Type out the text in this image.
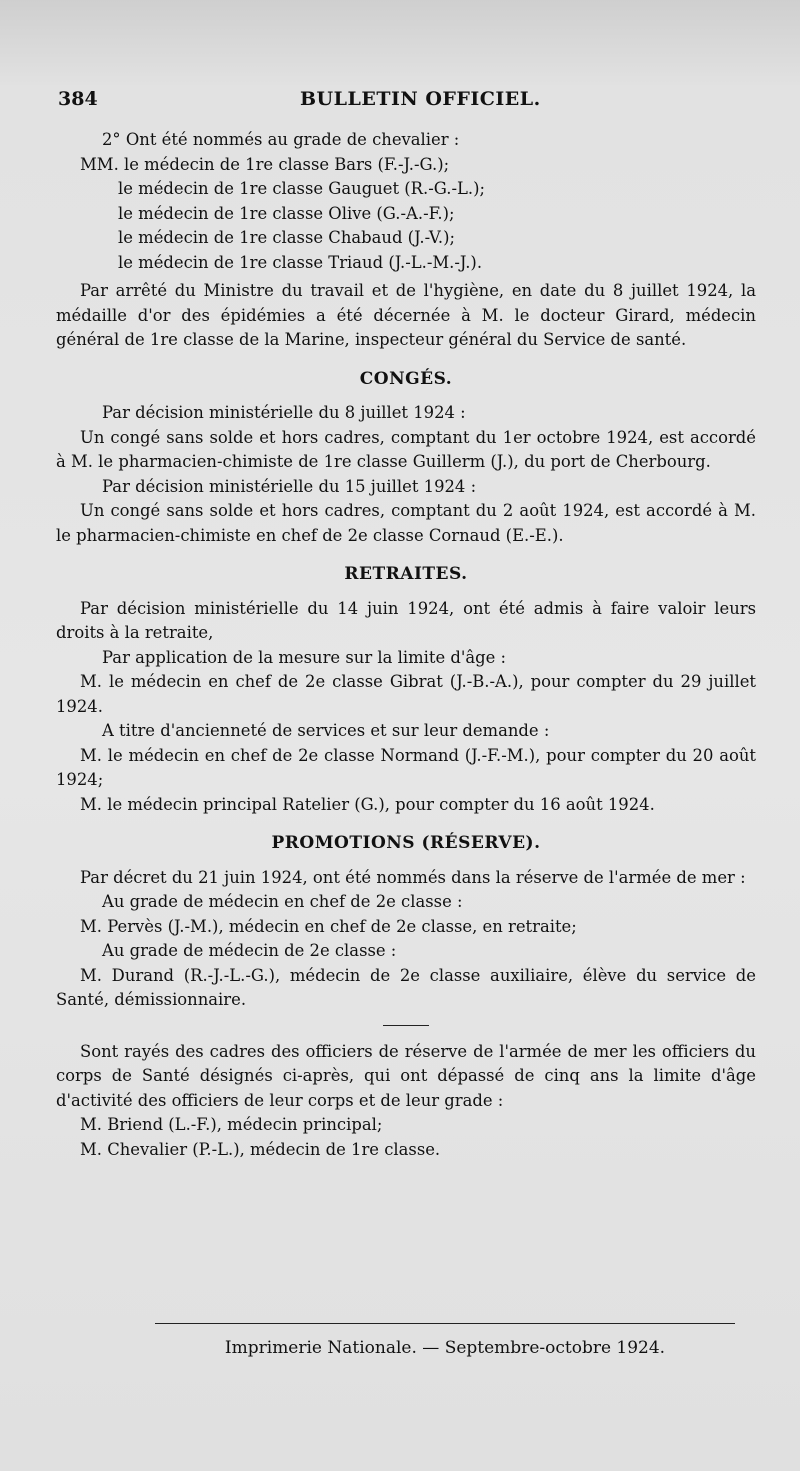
384	BULLETIN OFFICIEL.

2° Ont été nommés au grade de chevalier :

MM. le médecin de 1re classe Bars (F.-J.-G.);

le médecin de 1re classe Gauguet (R.-G.-L.);

le médecin de 1re classe Olive (G.-A.-F.);

le médecin de 1re classe Chabaud (J.-V.);

le médecin de 1re classe Triaud (J.-L.-M.-J.).

Par arrêté du Ministre du travail et de l'hygiène, en date du 8 juillet 1924, la médaille d'or des épidémies a été décernée à M. le docteur Girard, médecin général de 1re classe de la Marine, inspecteur général du Service de santé.

CONGÉS.

Par décision ministérielle du 8 juillet 1924 :

Un congé sans solde et hors cadres, comptant du 1er octobre 1924, est accordé à M. le pharmacien-chimiste de 1re classe Guillerm (J.), du port de Cherbourg.

Par décision ministérielle du 15 juillet 1924 :

Un congé sans solde et hors cadres, comptant du 2 août 1924, est accordé à M. le pharmacien-chimiste en chef de 2e classe Cornaud (E.-E.).

RETRAITES.

Par décision ministérielle du 14 juin 1924, ont été admis à faire valoir leurs droits à la retraite,

Par application de la mesure sur la limite d'âge :

M. le médecin en chef de 2e classe Gibrat (J.-B.-A.), pour compter du 29 juillet 1924.

A titre d'ancienneté de services et sur leur demande :

M. le médecin en chef de 2e classe Normand (J.-F.-M.), pour compter du 20 août 1924;

M. le médecin principal Ratelier (G.), pour compter du 16 août 1924.

PROMOTIONS (RÉSERVE).

Par décret du 21 juin 1924, ont été nommés dans la réserve de l'armée de mer :

Au grade de médecin en chef de 2e classe :

M. Pervès (J.-M.), médecin en chef de 2e classe, en retraite;

Au grade de médecin de 2e classe :

M. Durand (R.-J.-L.-G.), médecin de 2e classe auxiliaire, élève du service de Santé, démissionnaire.

Sont rayés des cadres des officiers de réserve de l'armée de mer les officiers du corps de Santé désignés ci-après, qui ont dépassé de cinq ans la limite d'âge d'activité des officiers de leur corps et de leur grade :

M. Briend (L.-F.), médecin principal;

M. Chevalier (P.-L.), médecin de 1re classe.

Imprimerie Nationale. — Septembre-octobre 1924.
